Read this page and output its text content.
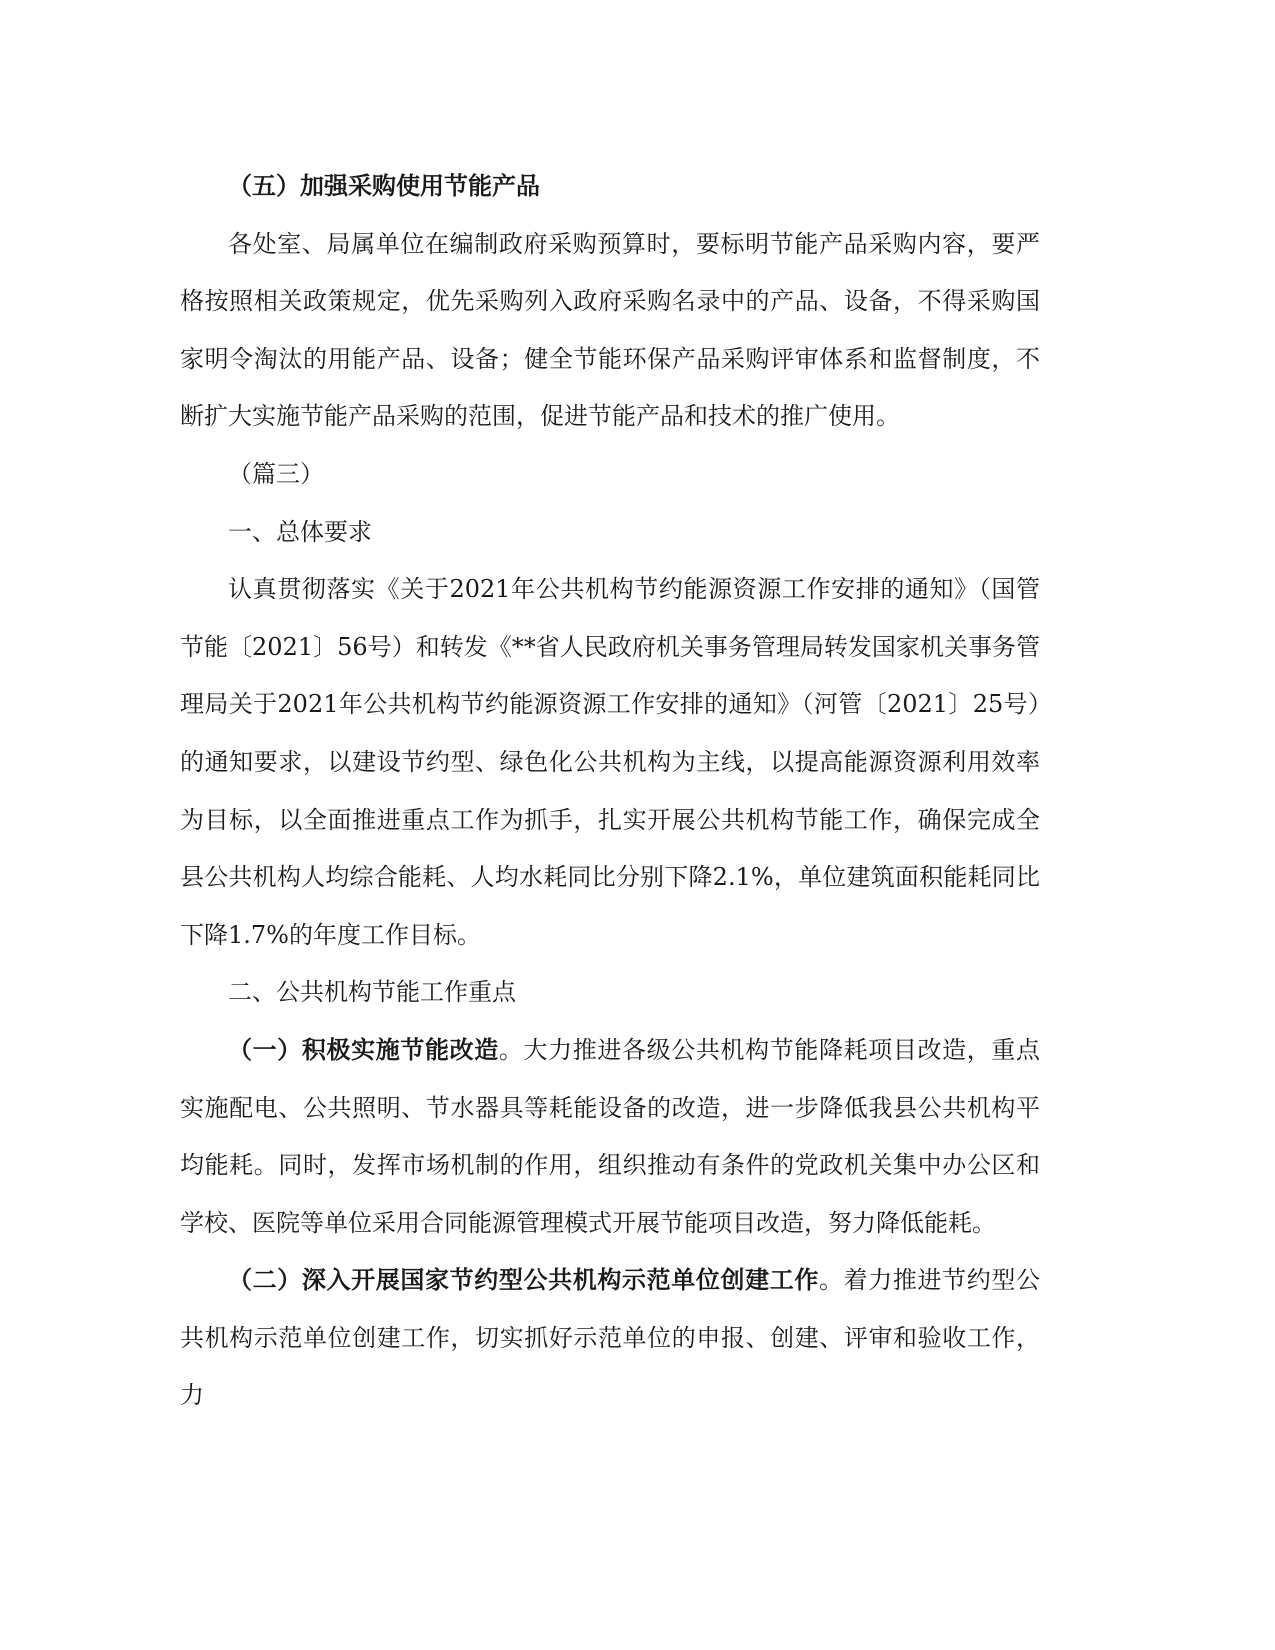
（五）加强采购使用节能产品

各处室、局属单位在编制政府采购预算时，要标明节能产品采购内容，要严格按照相关政策规定，优先采购列入政府采购名录中的产品、设备，不得采购国家明令淘汰的用能产品、设备；健全节能环保产品采购评审体系和监督制度，不断扩大实施节能产品采购的范围，促进节能产品和技术的推广使用。

（篇三）

一、总体要求

认真贯彻落实《关于2021年公共机构节约能源资源工作安排的通知》（国管节能〔2021〕56号）和转发《**省人民政府机关事务管理局转发国家机关事务管理局关于2021年公共机构节约能源资源工作安排的通知》（河管〔2021〕25号）的通知要求，以建设节约型、绿色化公共机构为主线，以提高能源资源利用效率为目标，以全面推进重点工作为抓手，扎实开展公共机构节能工作，确保完成全县公共机构人均综合能耗、人均水耗同比分别下降2.1%，单位建筑面积能耗同比下降1.7%的年度工作目标。

二、公共机构节能工作重点

（一）积极实施节能改造。大力推进各级公共机构节能降耗项目改造，重点实施配电、公共照明、节水器具等耗能设备的改造，进一步降低我县公共机构平均能耗。同时，发挥市场机制的作用，组织推动有条件的党政机关集中办公区和学校、医院等单位采用合同能源管理模式开展节能项目改造，努力降低能耗。

（二）深入开展国家节约型公共机构示范单位创建工作。着力推进节约型公共机构示范单位创建工作，切实抓好示范单位的申报、创建、评审和验收工作，力
